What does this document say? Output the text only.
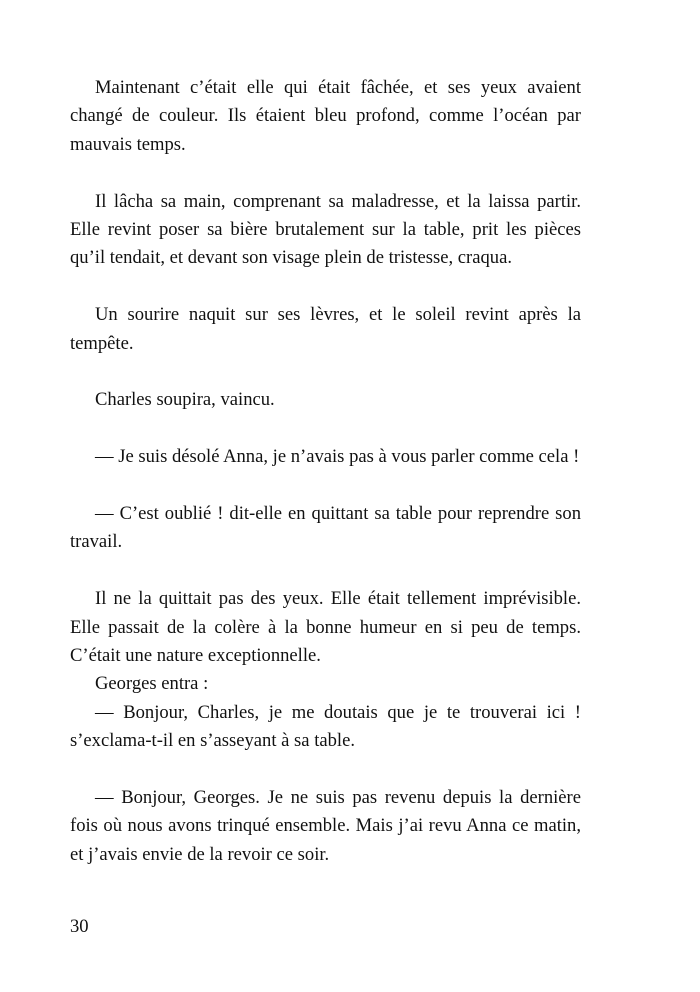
Maintenant c’était elle qui était fâchée, et ses yeux avaient changé de couleur. Ils étaient bleu profond, comme l’océan par mauvais temps.

Il lâcha sa main, comprenant sa maladresse, et la laissa partir. Elle revint poser sa bière brutalement sur la table, prit les pièces qu’il tendait, et devant son visage plein de tristesse, craqua.

Un sourire naquit sur ses lèvres, et le soleil revint après la tempête.

Charles soupira, vaincu.

— Je suis désolé Anna, je n’avais pas à vous parler comme cela !

— C’est oublié ! dit-elle en quittant sa table pour reprendre son travail.

Il ne la quittait pas des yeux. Elle était tellement imprévisible. Elle passait de la colère à la bonne humeur en si peu de temps. C’était une nature exceptionnelle.

Georges entra :

— Bonjour, Charles, je me doutais que je te trouverai ici ! s’exclama-t-il en s’asseyant à sa table.

— Bonjour, Georges. Je ne suis pas revenu depuis la dernière fois où nous avons trinqué ensemble. Mais j’ai revu Anna ce matin, et j’avais envie de la revoir ce soir.

30
